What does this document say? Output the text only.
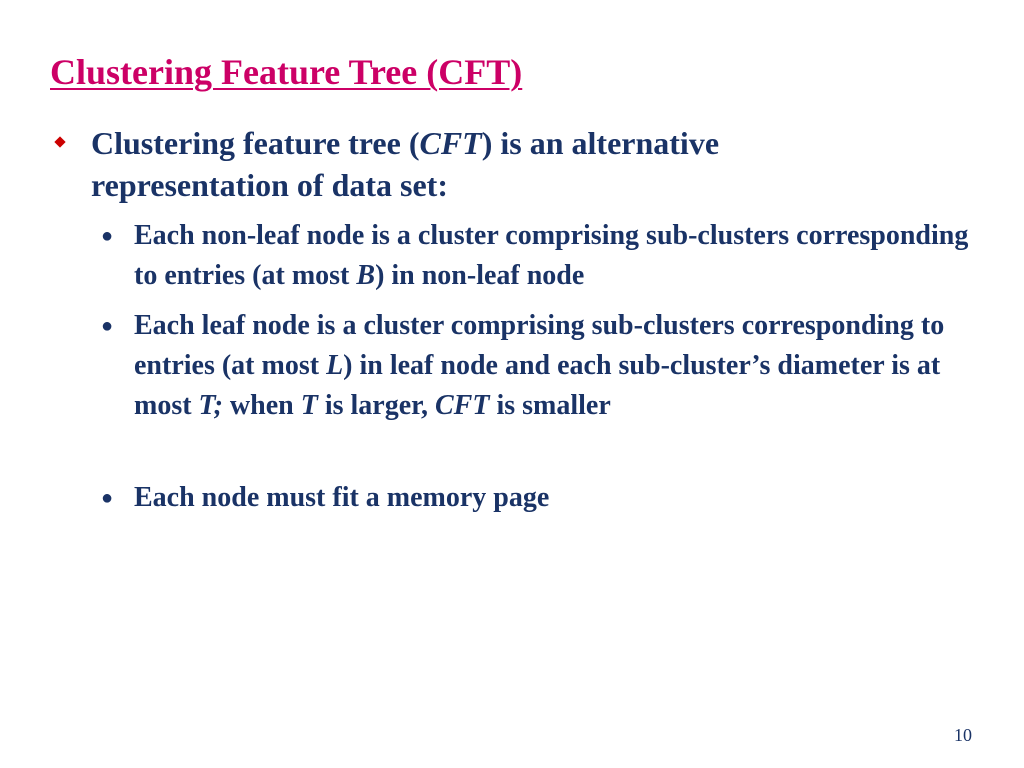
Clustering Feature Tree (CFT)
Clustering feature tree (CFT) is an alternative representation of data set:
● Each non-leaf node is a cluster comprising sub-clusters corresponding to entries (at most B) in non-leaf node
● Each leaf node is a cluster comprising sub-clusters corresponding to entries (at most L) in leaf node and each sub-cluster’s diameter is at most T; when T is larger, CFT is smaller
● Each node must fit a memory page
10
